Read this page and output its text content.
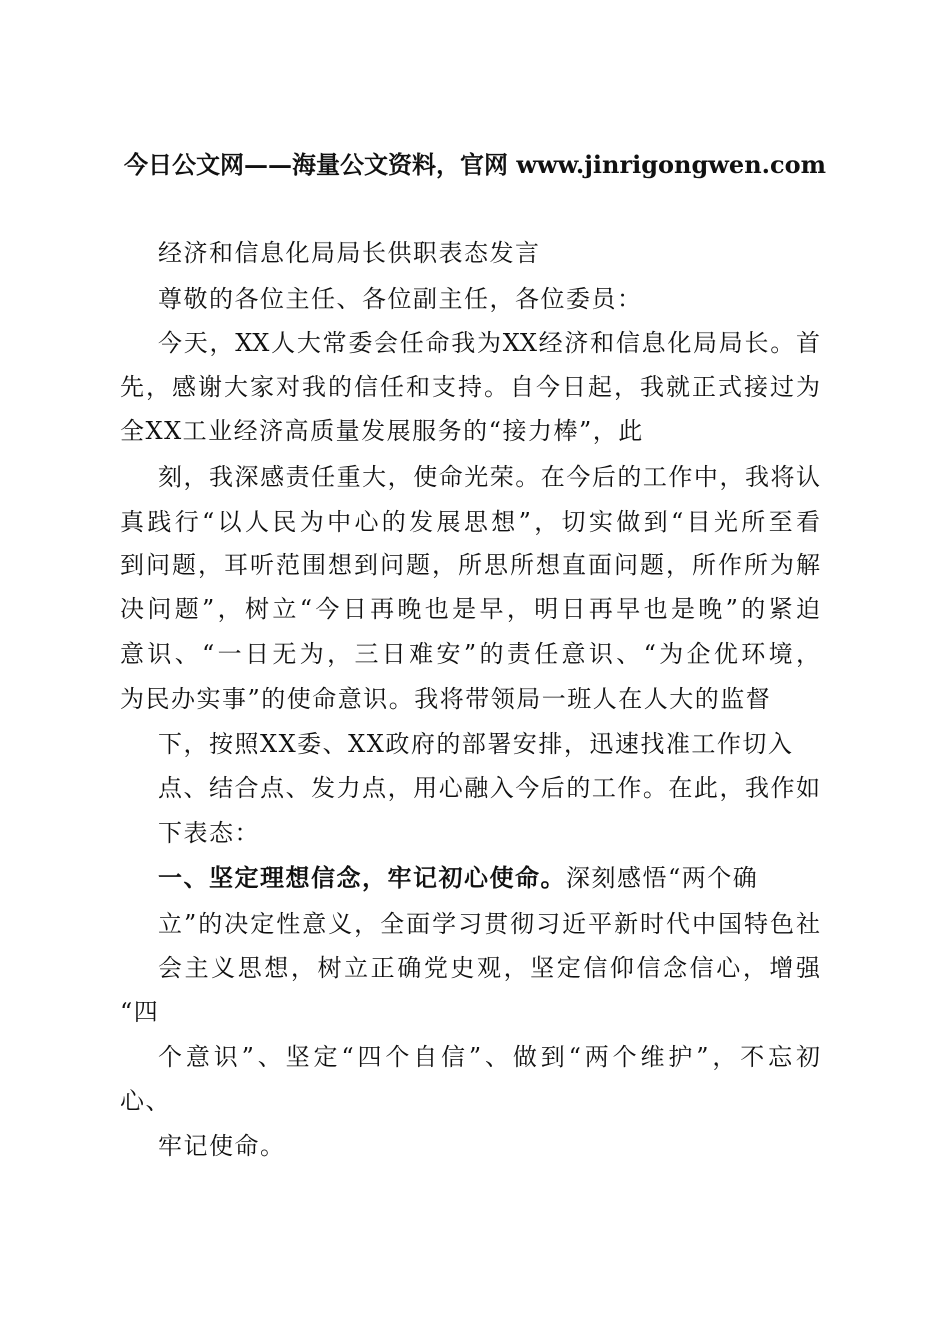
今日公文网——海量公文资料，官网 www.jinrigongwen.com
经济和信息化局局长供职表态发言
尊敬的各位主任、各位副主任，各位委员：
今天，XX人大常委会任命我为XX经济和信息化局局长。首
先，感谢大家对我的信任和支持。自今日起，我就正式接过为
全XX工业经济高质量发展服务的“接力棒”，此
刻，我深感责任重大，使命光荣。在今后的工作中，我将认
真践行“以人民为中心的发展思想”，切实做到“目光所至看
到问题，耳听范围想到问题，所思所想直面问题，所作所为解
决问题”，树立“今日再晚也是早，明日再早也是晚”的紧迫
意识、“一日无为，三日难安”的责任意识、“为企优环境，
为民办实事”的使命意识。我将带领局一班人在人大的监督
下，按照XX委、XX政府的部署安排，迅速找准工作切入
点、结合点、发力点，用心融入今后的工作。在此，我作如
下表态：
一、坚定理想信念，牢记初心使命。深刻感悟“两个确
立”的决定性意义，全面学习贯彻习近平新时代中国特色社
会主义思想，树立正确党史观，坚定信仰信念信心，增强
“四
个意识”、坚定“四个自信”、做到“两个维护”，不忘初
心、
牢记使命。
